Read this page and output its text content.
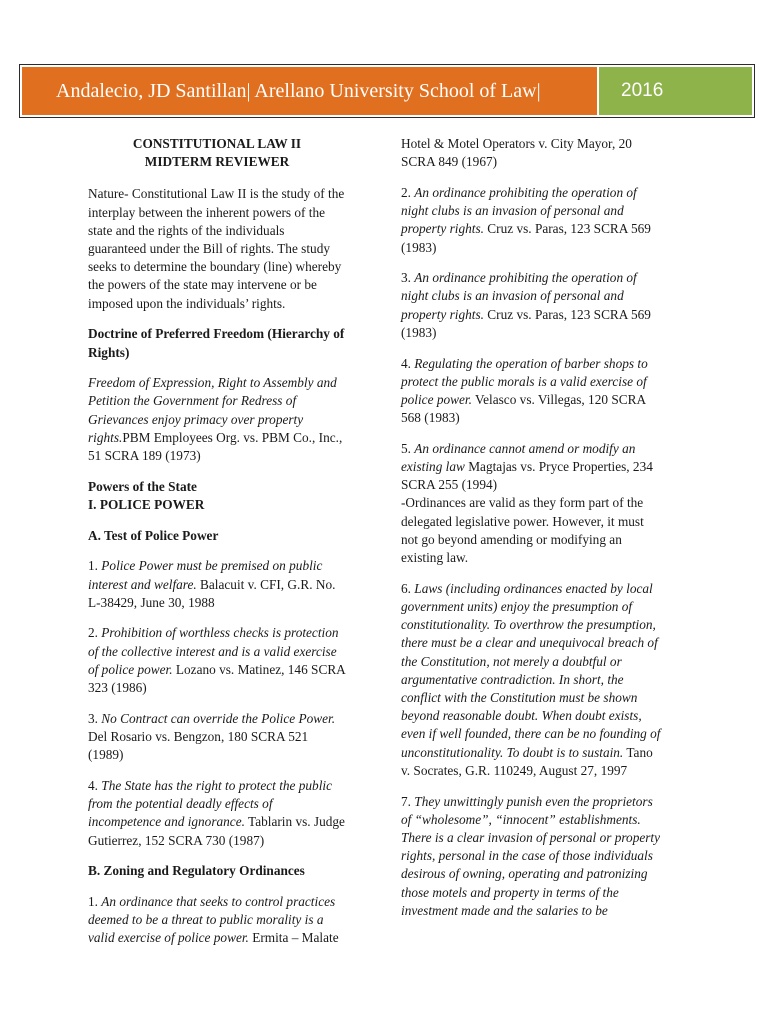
Andalecio, JD Santillan| Arellano University School of Law|	2016
CONSTITUTIONAL LAW II
MIDTERM REVIEWER

Nature- Constitutional Law II is the study of the interplay between the inherent powers of the state and the rights of the individuals guaranteed under the Bill of rights. The study seeks to determine the boundary (line) whereby the powers of the state may intervene or be imposed upon the individuals’ rights.

Doctrine of Preferred Freedom (Hierarchy of Rights)

Freedom of Expression, Right to Assembly and Petition the Government for Redress of Grievances enjoy primacy over property rights.PBM Employees Org. vs. PBM Co., Inc., 51 SCRA 189 (1973)

Powers of the State
I. POLICE POWER

A. Test of Police Power

1. Police Power must be premised on public interest and welfare. Balacuit v. CFI, G.R. No. L-38429, June 30, 1988

2. Prohibition of worthless checks is protection of the collective interest and is a valid exercise of police power. Lozano vs. Matinez, 146 SCRA 323 (1986)

3. No Contract can override the Police Power. Del Rosario vs. Bengzon, 180 SCRA 521 (1989)

4. The State has the right to protect the public from the potential deadly effects of incompetence and ignorance. Tablarin vs. Judge Gutierrez, 152 SCRA 730 (1987)

B. Zoning and Regulatory Ordinances

1. An ordinance that seeks to control practices deemed to be a threat to public morality is a valid exercise of police power. Ermita – Malate

Hotel & Motel Operators v. City Mayor, 20 SCRA 849 (1967)

2. An ordinance prohibiting the operation of night clubs is an invasion of personal and property rights. Cruz vs. Paras, 123 SCRA 569 (1983)

3. An ordinance prohibiting the operation of night clubs is an invasion of personal and property rights. Cruz vs. Paras, 123 SCRA 569 (1983)

4. Regulating the operation of barber shops to protect the public morals is a valid exercise of police power. Velasco vs. Villegas, 120 SCRA 568 (1983)

5. An ordinance cannot amend or modify an existing law Magtajas vs. Pryce Properties, 234 SCRA 255 (1994)

-Ordinances are valid as they form part of the delegated legislative power. However, it must not go beyond amending or modifying an existing law.

6. Laws (including ordinances enacted by local government units) enjoy the presumption of constitutionality. To overthrow the presumption, there must be a clear and unequivocal breach of the Constitution, not merely a doubtful or argumentative contradiction. In short, the conflict with the Constitution must be shown beyond reasonable doubt. When doubt exists, even if well founded, there can be no founding of unconstitutionality. To doubt is to sustain. Tano v. Socrates, G.R. 110249, August 27, 1997

7. They unwittingly punish even the proprietors of “wholesome”, “innocent” establishments. There is a clear invasion of personal or property rights, personal in the case of those individuals desirous of owning, operating and patronizing those motels and property in terms of the investment made and the salaries to be
